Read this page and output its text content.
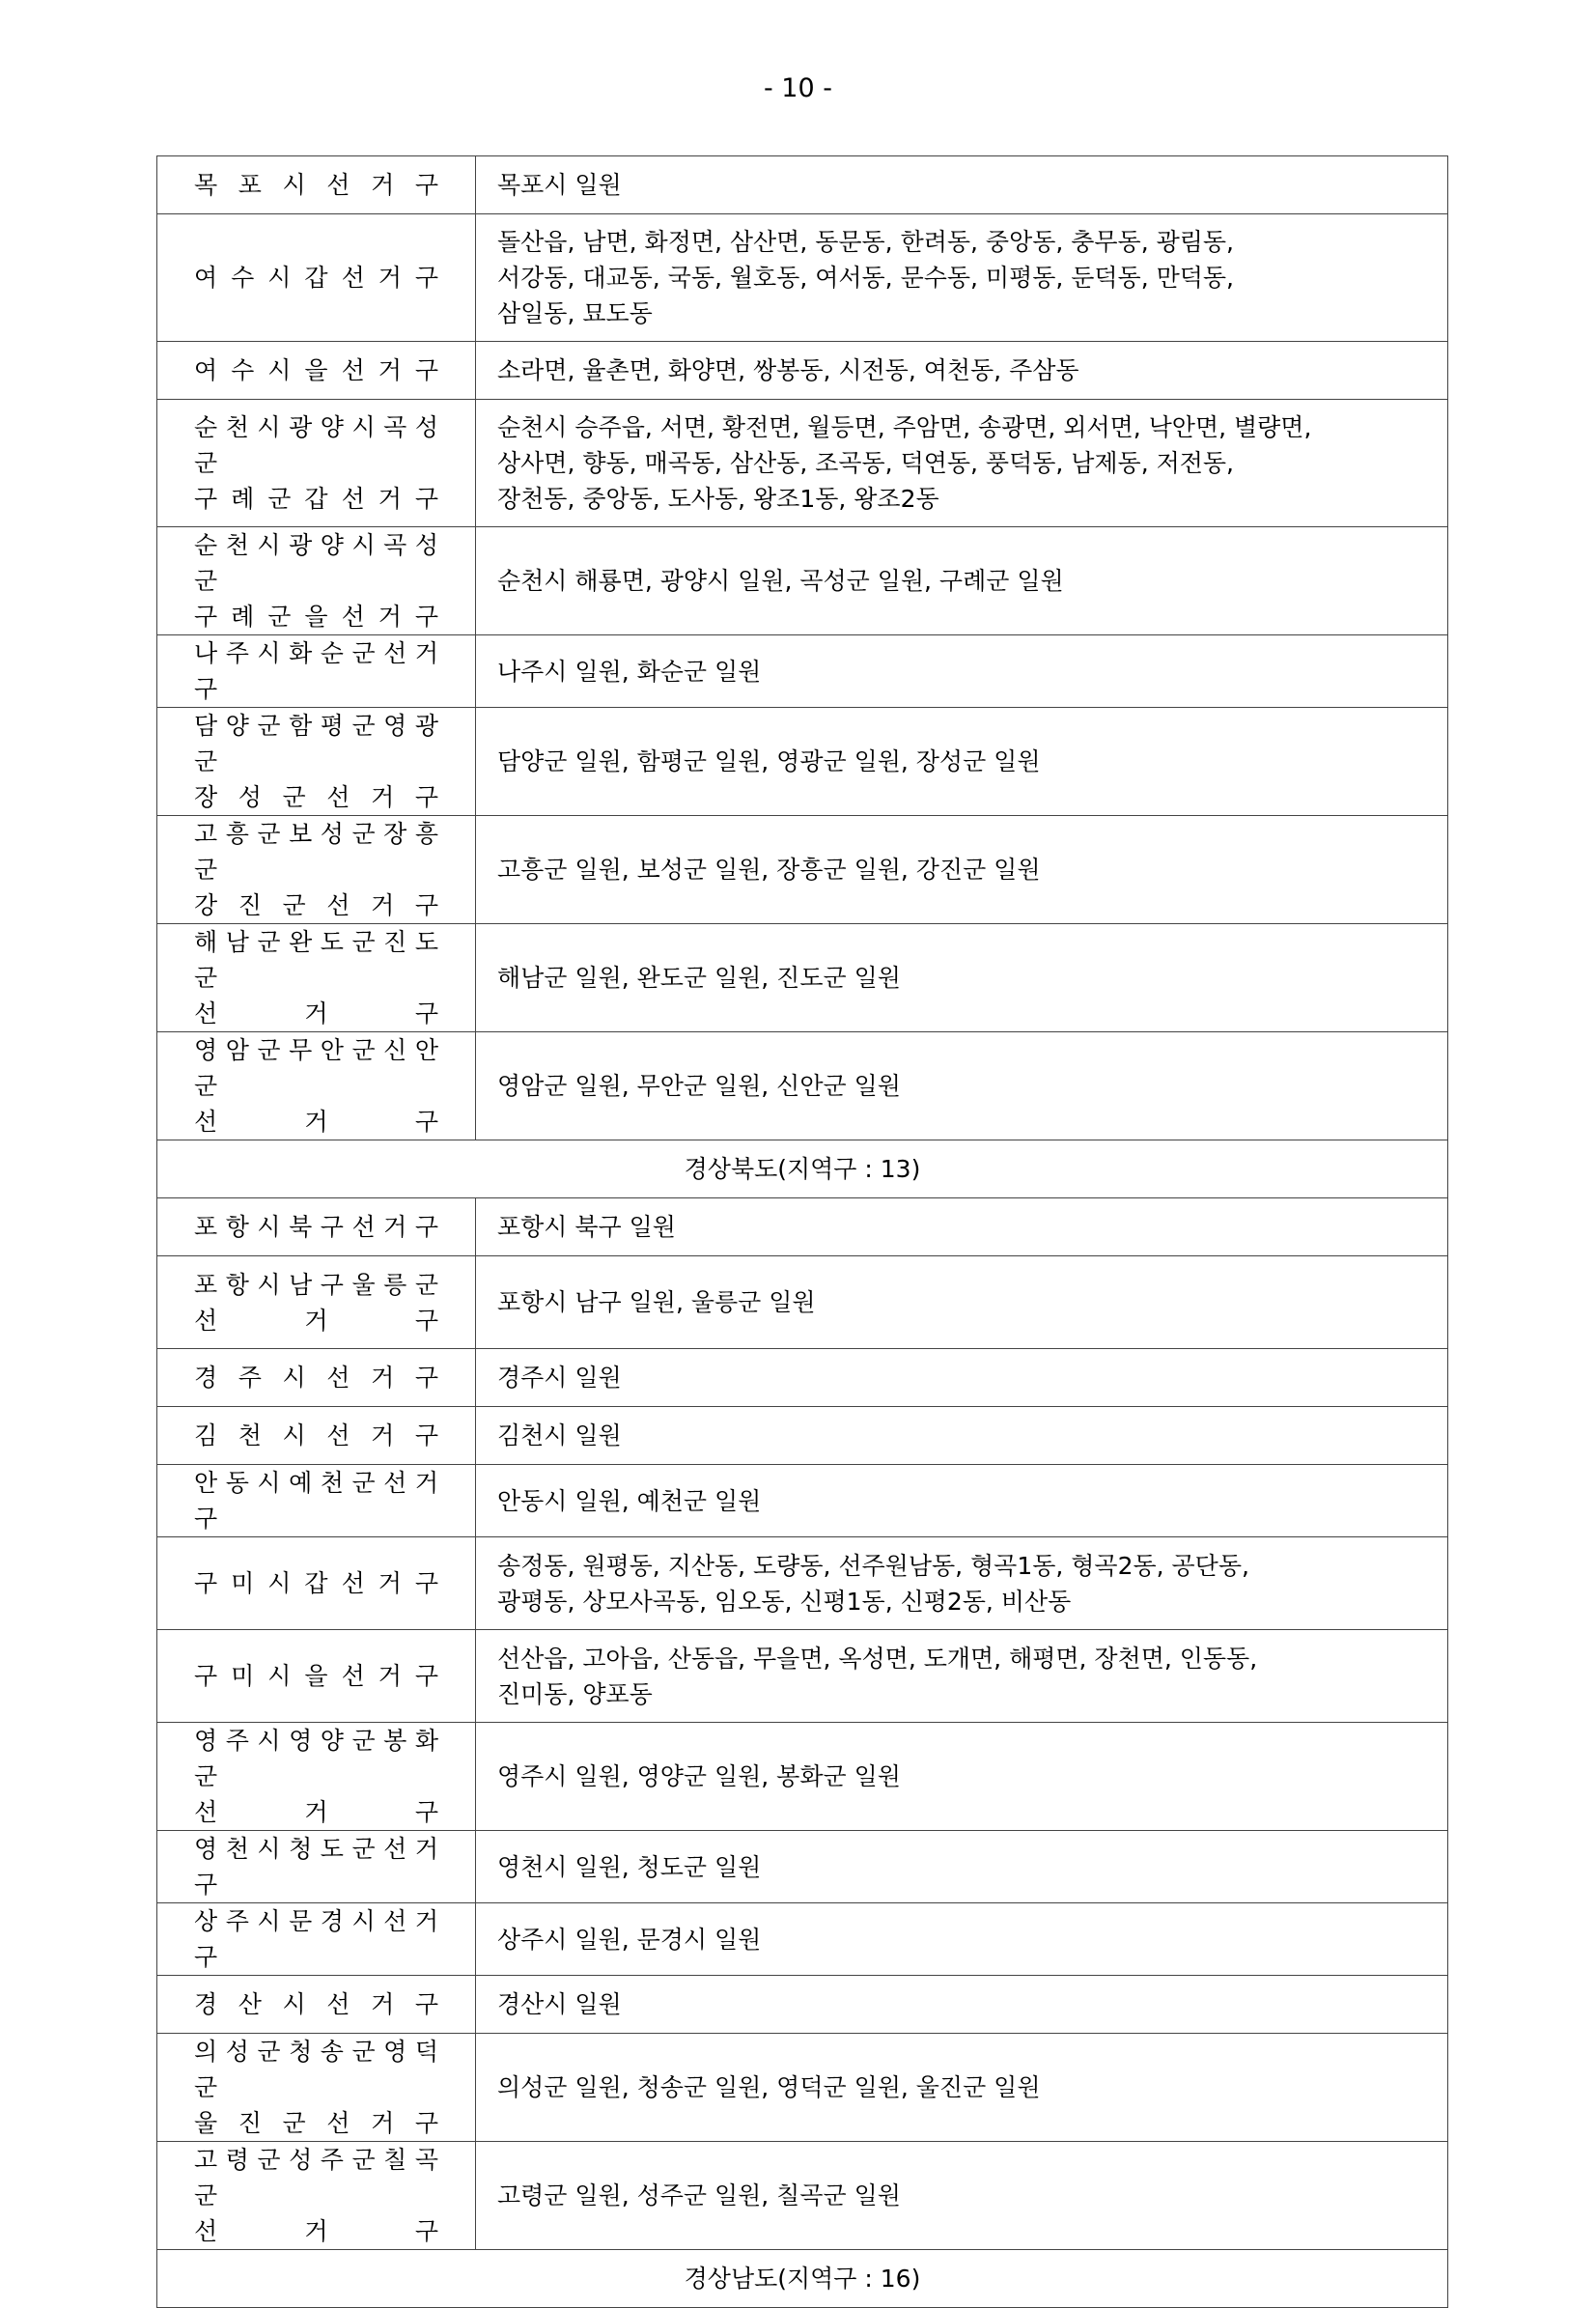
- 10 -
목 포 시 선 거 구	목포시 일원

여 수 시 갑 선 거 구	돌산읍, 남면, 화정면, 삼산면, 동문동, 한려동, 중앙동, 충무동, 광림동,
서강동, 대교동, 국동, 월호동, 여서동, 문수동, 미평동, 둔덕동, 만덕동,
삼일동, 묘도동

여 수 시 을 선 거 구	소라면, 율촌면, 화양면, 쌍봉동, 시전동, 여천동, 주삼동

순 천 시 광 양 시 곡 성 군
구 례 군 갑 선 거 구	순천시 승주읍, 서면, 황전면, 월등면, 주암면, 송광면, 외서면, 낙안면, 별량면,
상사면, 향동, 매곡동, 삼산동, 조곡동, 덕연동, 풍덕동, 남제동, 저전동,
장천동, 중앙동, 도사동, 왕조1동, 왕조2동

순 천 시 광 양 시 곡 성 군
구 례 군 을 선 거 구	순천시 해룡면, 광양시 일원, 곡성군 일원, 구례군 일원

나 주 시 화 순 군 선 거 구	나주시 일원, 화순군 일원

담 양 군 함 평 군 영 광 군
장 성 군 선 거 구	담양군 일원, 함평군 일원, 영광군 일원, 장성군 일원

고 흥 군 보 성 군 장 흥 군
강 진 군 선 거 구	고흥군 일원, 보성군 일원, 장흥군 일원, 강진군 일원

해 남 군 완 도 군 진 도 군
선 거 구	해남군 일원, 완도군 일원, 진도군 일원

영 암 군 무 안 군 신 안 군
선 거 구	영암군 일원, 무안군 일원, 신안군 일원

경상북도(지역구 : 13)	

포 항 시 북 구 선 거 구	포항시 북구 일원

포 항 시 남 구 울 릉 군
선 거 구	포항시 남구 일원, 울릉군 일원

경 주 시 선 거 구	경주시 일원

김 천 시 선 거 구	김천시 일원

안 동 시 예 천 군 선 거 구	안동시 일원, 예천군 일원

구 미 시 갑 선 거 구	송정동, 원평동, 지산동, 도량동, 선주원남동, 형곡1동, 형곡2동, 공단동,
광평동, 상모사곡동, 임오동, 신평1동, 신평2동, 비산동

구 미 시 을 선 거 구	선산읍, 고아읍, 산동읍, 무을면, 옥성면, 도개면, 해평면, 장천면, 인동동,
진미동, 양포동

영 주 시 영 양 군 봉 화 군
선 거 구	영주시 일원, 영양군 일원, 봉화군 일원

영 천 시 청 도 군 선 거 구	영천시 일원, 청도군 일원

상 주 시 문 경 시 선 거 구	상주시 일원, 문경시 일원

경 산 시 선 거 구	경산시 일원

의 성 군 청 송 군 영 덕 군
울 진 군 선 거 구	의성군 일원, 청송군 일원, 영덕군 일원, 울진군 일원

고 령 군 성 주 군 칠 곡 군
선 거 구	고령군 일원, 성주군 일원, 칠곡군 일원

경상남도(지역구 : 16)	
